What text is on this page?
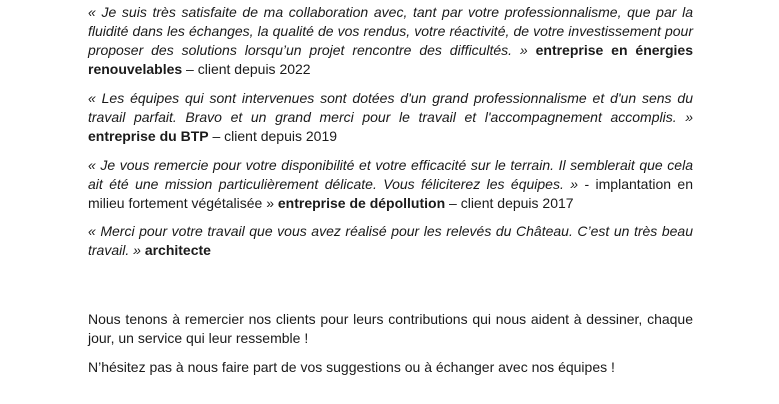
« Je suis très satisfaite de ma collaboration avec, tant par votre professionnalisme, que par la fluidité dans les échanges, la qualité de vos rendus, votre réactivité, de votre investissement pour proposer des solutions lorsqu’un projet rencontre des difficultés. » entreprise en énergies renouvelables – client depuis 2022

« Les équipes qui sont intervenues sont dotées d'un grand professionnalisme et d'un sens du travail parfait. Bravo et un grand merci pour le travail et l'accompagnement accomplis. » entreprise du BTP – client depuis 2019

« Je vous remercie pour votre disponibilité et votre efficacité sur le terrain. Il semblerait que cela ait été une mission particulièrement délicate. Vous féliciterez les équipes. » - implantation en milieu fortement végétalisée » entreprise de dépollution – client depuis 2017

« Merci pour votre travail que vous avez réalisé pour les relevés du Château. C’est un très beau travail. » architecte

Nous tenons à remercier nos clients pour leurs contributions qui nous aident à dessiner, chaque jour, un service qui leur ressemble !

N’hésitez pas à nous faire part de vos suggestions ou à échanger avec nos équipes !
